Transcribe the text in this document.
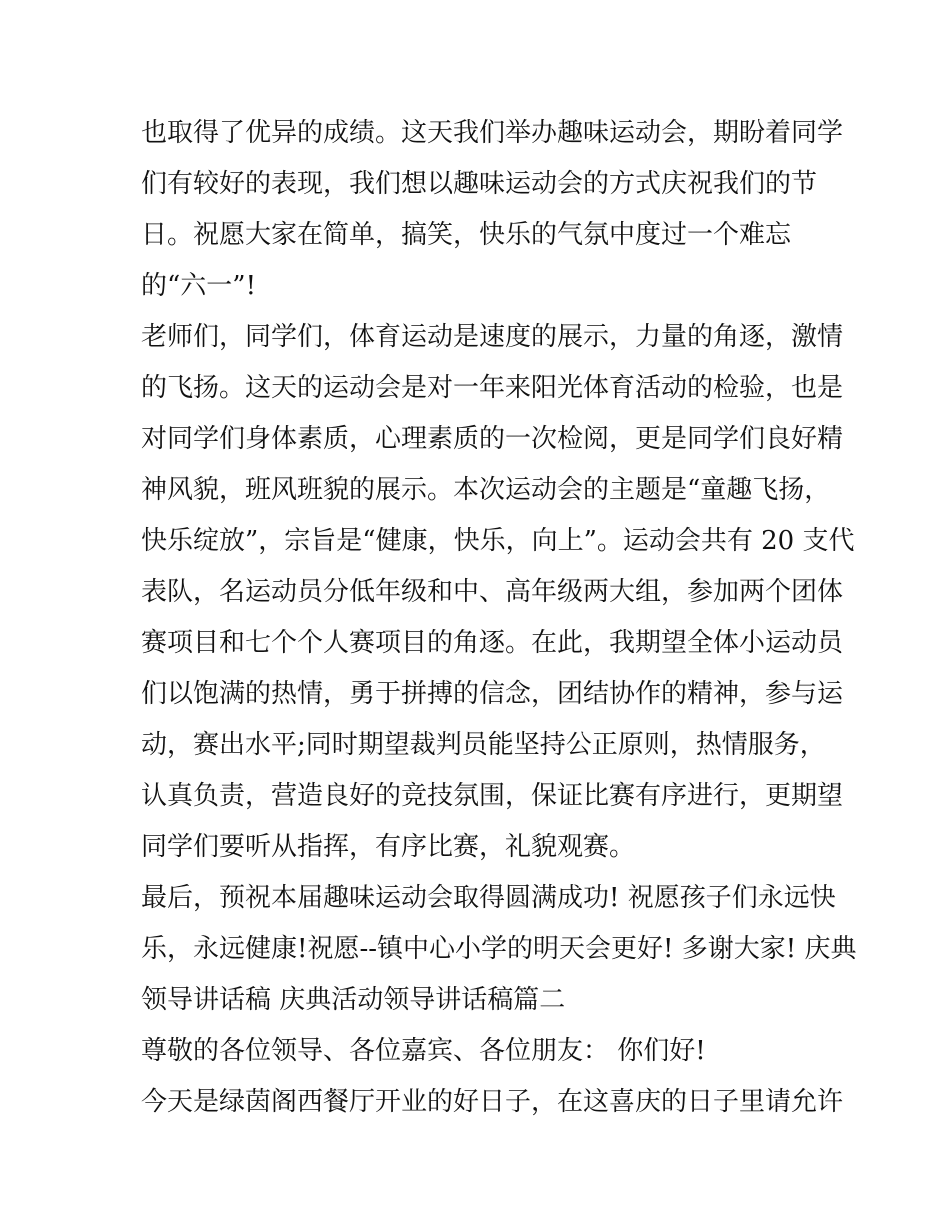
也取得了优异的成绩。这天我们举办趣味运动会，期盼着同学
们有较好的表现，我们想以趣味运动会的方式庆祝我们的节
日。祝愿大家在简单，搞笑，快乐的气氛中度过一个难忘
的“六一”!
老师们，同学们，体育运动是速度的展示，力量的角逐，激情
的飞扬。这天的运动会是对一年来阳光体育活动的检验，也是
对同学们身体素质，心理素质的一次检阅，更是同学们良好精
神风貌，班风班貌的展示。本次运动会的主题是“童趣飞扬，
快乐绽放”，宗旨是“健康，快乐，向上”。运动会共有 20 支代
表队，名运动员分低年级和中、高年级两大组，参加两个团体
赛项目和七个个人赛项目的角逐。在此，我期望全体小运动员
们以饱满的热情，勇于拼搏的信念，团结协作的精神，参与运
动，赛出水平;同时期望裁判员能坚持公正原则，热情服务，
认真负责，营造良好的竞技氛围，保证比赛有序进行，更期望
同学们要听从指挥，有序比赛，礼貌观赛。
最后，预祝本届趣味运动会取得圆满成功! 祝愿孩子们永远快
乐，永远健康!祝愿--镇中心小学的明天会更好! 多谢大家! 庆典
领导讲话稿 庆典活动领导讲话稿篇二
尊敬的各位领导、各位嘉宾、各位朋友： 你们好!
今天是绿茵阁西餐厅开业的好日子，在这喜庆的日子里请允许
